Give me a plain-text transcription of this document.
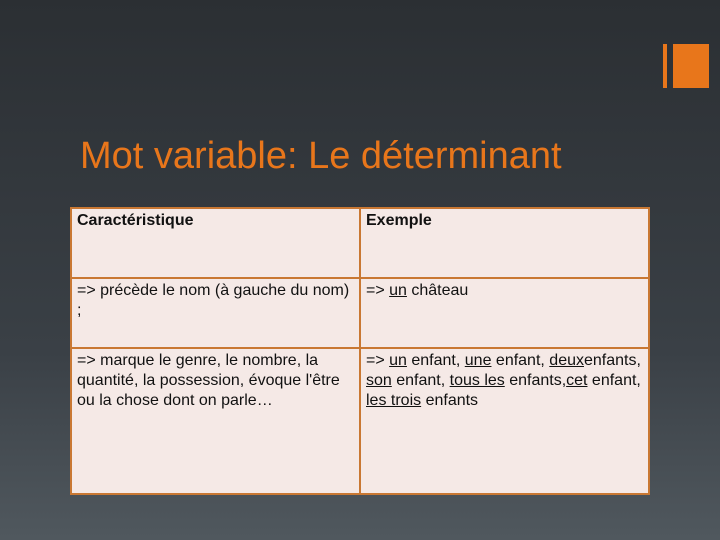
Mot variable: Le déterminant
Caractéristique	Exemple
=> précède le nom (à gauche du nom) ;	=> un château
=> marque le genre, le nombre, la quantité, la possession, évoque l'être ou la chose dont on parle…	=> un enfant, une enfant, deuxenfants, son enfant, tous les enfants,cet enfant, les trois enfants
